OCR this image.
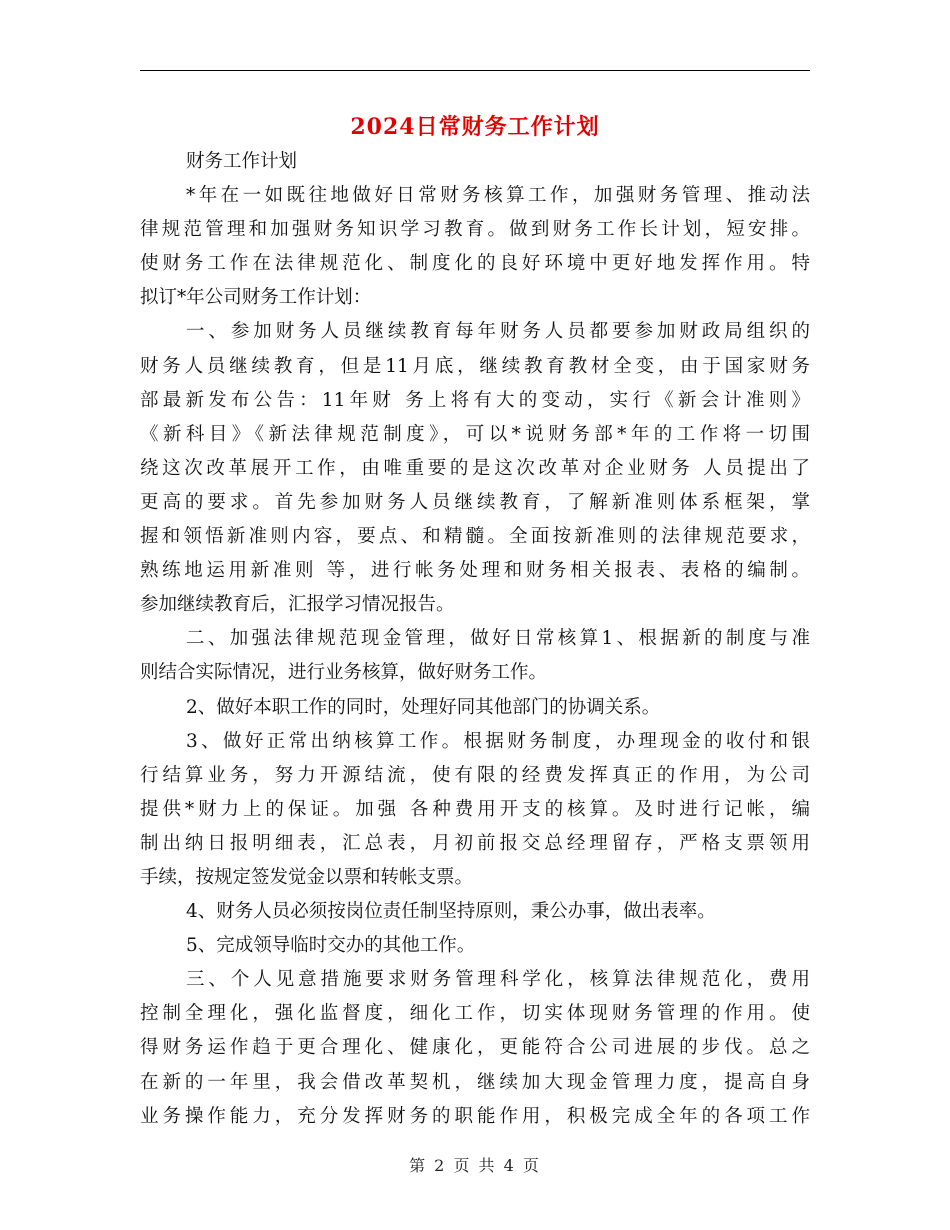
2024日常财务工作计划
财务工作计划
*年在一如既往地做好日常财务核算工作，加强财务管理、推动法
律规范管理和加强财务知识学习教育。做到财务工作长计划，短安排。
使财务工作在法律规范化、制度化的良好环境中更好地发挥作用。特
拟订*年公司财务工作计划：
一、参加财务人员继续教育每年财务人员都要参加财政局组织的
财务人员继续教育，但是11月底，继续教育教材全变，由于国家财务
部最新发布公告：11年财 务上将有大的变动，实行《新会计准则》
《新科目》《新法律规范制度》，可以*说财务部*年的工作将一切围
绕这次改革展开工作，由唯重要的是这次改革对企业财务 人员提出了
更高的要求。首先参加财务人员继续教育，了解新准则体系框架，掌
握和领悟新准则内容，要点、和精髓。全面按新准则的法律规范要求，
熟练地运用新准则 等，进行帐务处理和财务相关报表、表格的编制。
参加继续教育后，汇报学习情况报告。
二、加强法律规范现金管理，做好日常核算1、根据新的制度与准
则结合实际情况，进行业务核算，做好财务工作。
2、做好本职工作的同时，处理好同其他部门的协调关系。
3、做好正常出纳核算工作。根据财务制度，办理现金的收付和银
行结算业务，努力开源结流，使有限的经费发挥真正的作用，为公司
提供*财力上的保证。加强 各种费用开支的核算。及时进行记帐，编
制出纳日报明细表，汇总表，月初前报交总经理留存，严格支票领用
手续，按规定签发觉金以票和转帐支票。
4、财务人员必须按岗位责任制坚持原则，秉公办事，做出表率。
5、完成领导临时交办的其他工作。
三、个人见意措施要求财务管理科学化，核算法律规范化，费用
控制全理化，强化监督度，细化工作，切实体现财务管理的作用。使
得财务运作趋于更合理化、健康化，更能符合公司进展的步伐。总之
在新的一年里，我会借改革契机，继续加大现金管理力度，提高自身
业务操作能力，充分发挥财务的职能作用，积极完成全年的各项工作
第 2 页 共 4 页
